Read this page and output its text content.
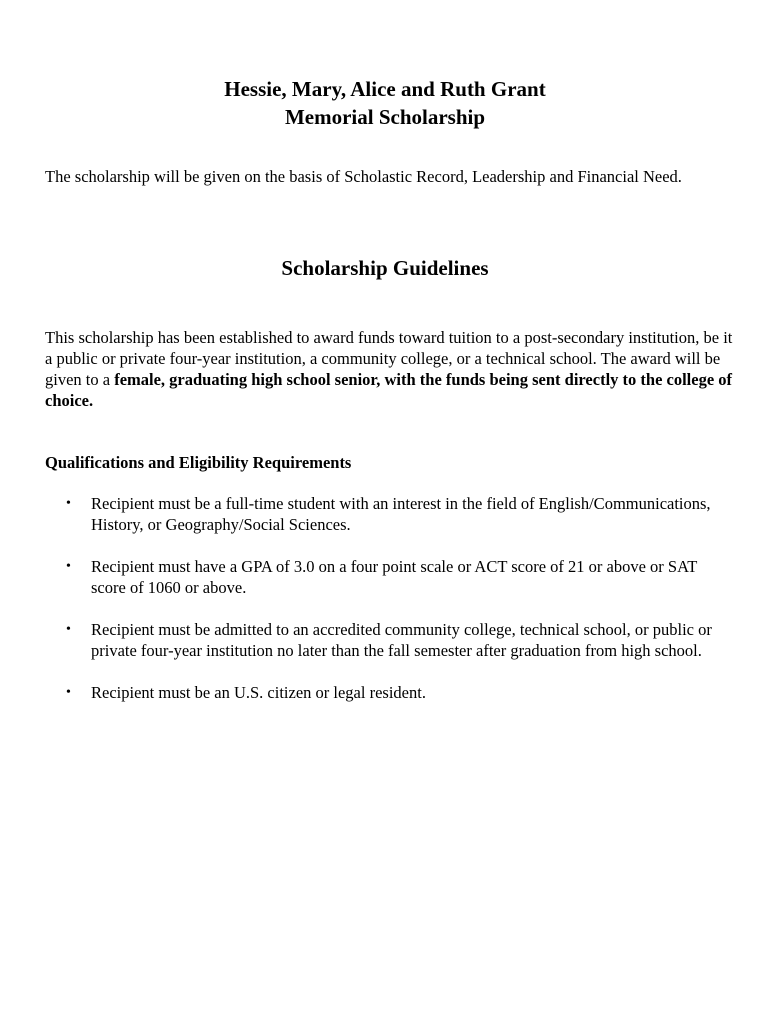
Hessie, Mary, Alice and Ruth Grant
Memorial Scholarship

The scholarship will be given on the basis of Scholastic Record, Leadership and Financial Need.

Scholarship Guidelines

This scholarship has been established to award funds toward tuition to a post-secondary institution, be it a public or private four-year institution, a community college, or a technical school. The award will be given to a female, graduating high school senior, with the funds being sent directly to the college of choice.

Qualifications and Eligibility Requirements
• Recipient must be a full-time student with an interest in the field of English/Communications, History, or Geography/Social Sciences.
• Recipient must have a GPA of 3.0 on a four point scale or ACT score of 21 or above or SAT score of 1060 or above.
• Recipient must be admitted to an accredited community college, technical school, or public or private four-year institution no later than the fall semester after graduation from high school.
• Recipient must be an U.S. citizen or legal resident.
